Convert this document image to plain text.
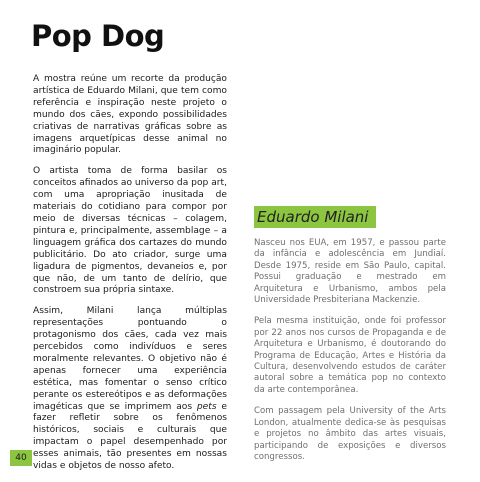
Pop Dog

A mostra reúne um recorte da produção artística de Eduardo Milani, que tem como referência e inspiração neste projeto o mundo dos cães, expondo possibilidades criativas de narrativas gráficas sobre as imagens arquetípicas desse animal no imaginário popular.

O artista toma de forma basilar os conceitos afinados ao universo da pop art, com uma apropriação inusitada de materiais do cotidiano para compor por meio de diversas técnicas – colagem, pintura e, principalmente, assemblage – a linguagem gráfica dos cartazes do mundo publicitário. Do ato criador, surge uma ligadura de pigmentos, devaneios e, por que não, de um tanto de delírio, que constroem sua própria sintaxe.

Assim, Milani lança múltiplas representações pontuando o protagonismo dos cães, cada vez mais percebidos como indivíduos e seres moralmente relevantes. O objetivo não é apenas fornecer uma experiência estética, mas fomentar o senso crítico perante os estereótipos e as deformações imagéticas que se imprimem aos pets e fazer refletir sobre os fenômenos históricos, sociais e culturais que impactam o papel desempenhado por esses animais, tão presentes em nossas vidas e objetos de nosso afeto.

Eduardo Milani

Nasceu nos EUA, em 1957, e passou parte da infância e adolescência em Jundiaí. Desde 1975, reside em São Paulo, capital. Possui graduação e mestrado em Arquitetura e Urbanismo, ambos pela Universidade Presbiteriana Mackenzie.

Pela mesma instituição, onde foi professor por 22 anos nos cursos de Propaganda e de Arquitetura e Urbanismo, é doutorando do Programa de Educação, Artes e História da Cultura, desenvolvendo estudos de caráter autoral sobre a temática pop no contexto da arte contemporânea.

Com passagem pela University of the Arts London, atualmente dedica-se às pesquisas e projetos no âmbito das artes visuais, participando de exposições e diversos congressos.

40
